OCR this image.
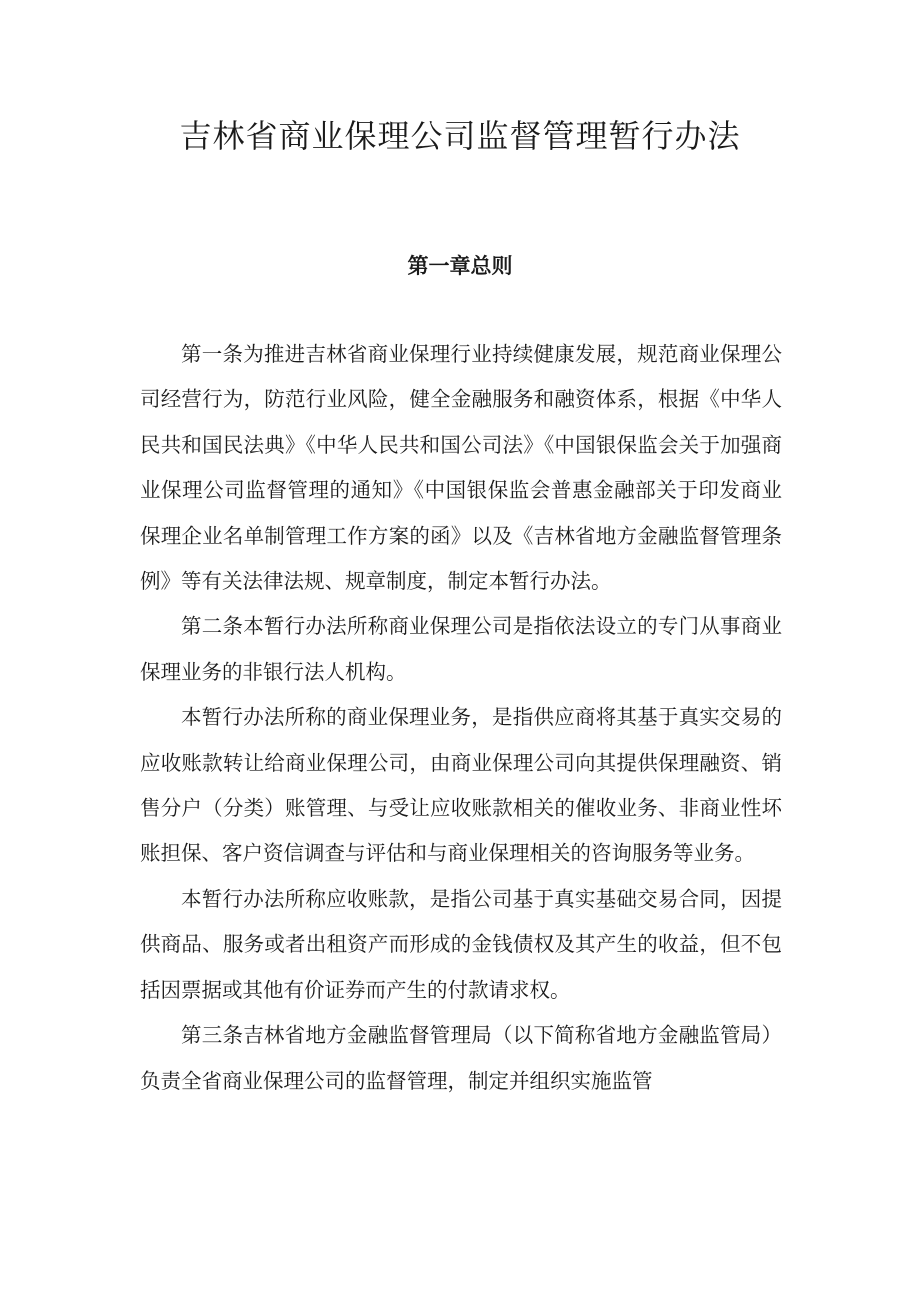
吉林省商业保理公司监督管理暂行办法
第一章总则

第一条为推进吉林省商业保理行业持续健康发展，规范商业保理公司经营行为，防范行业风险，健全金融服务和融资体系，根据《中华人民共和国民法典》《中华人民共和国公司法》《中国银保监会关于加强商业保理公司监督管理的通知》《中国银保监会普惠金融部关于印发商业保理企业名单制管理工作方案的函》以及《吉林省地方金融监督管理条例》等有关法律法规、规章制度，制定本暂行办法。

第二条本暂行办法所称商业保理公司是指依法设立的专门从事商业保理业务的非银行法人机构。

本暂行办法所称的商业保理业务，是指供应商将其基于真实交易的应收账款转让给商业保理公司，由商业保理公司向其提供保理融资、销售分户（分类）账管理、与受让应收账款相关的催收业务、非商业性坏账担保、客户资信调查与评估和与商业保理相关的咨询服务等业务。

本暂行办法所称应收账款，是指公司基于真实基础交易合同，因提供商品、服务或者出租资产而形成的金钱债权及其产生的收益，但不包括因票据或其他有价证券而产生的付款请求权。

第三条吉林省地方金融监督管理局（以下简称省地方金融监管局）负责全省商业保理公司的监督管理，制定并组织实施监管
